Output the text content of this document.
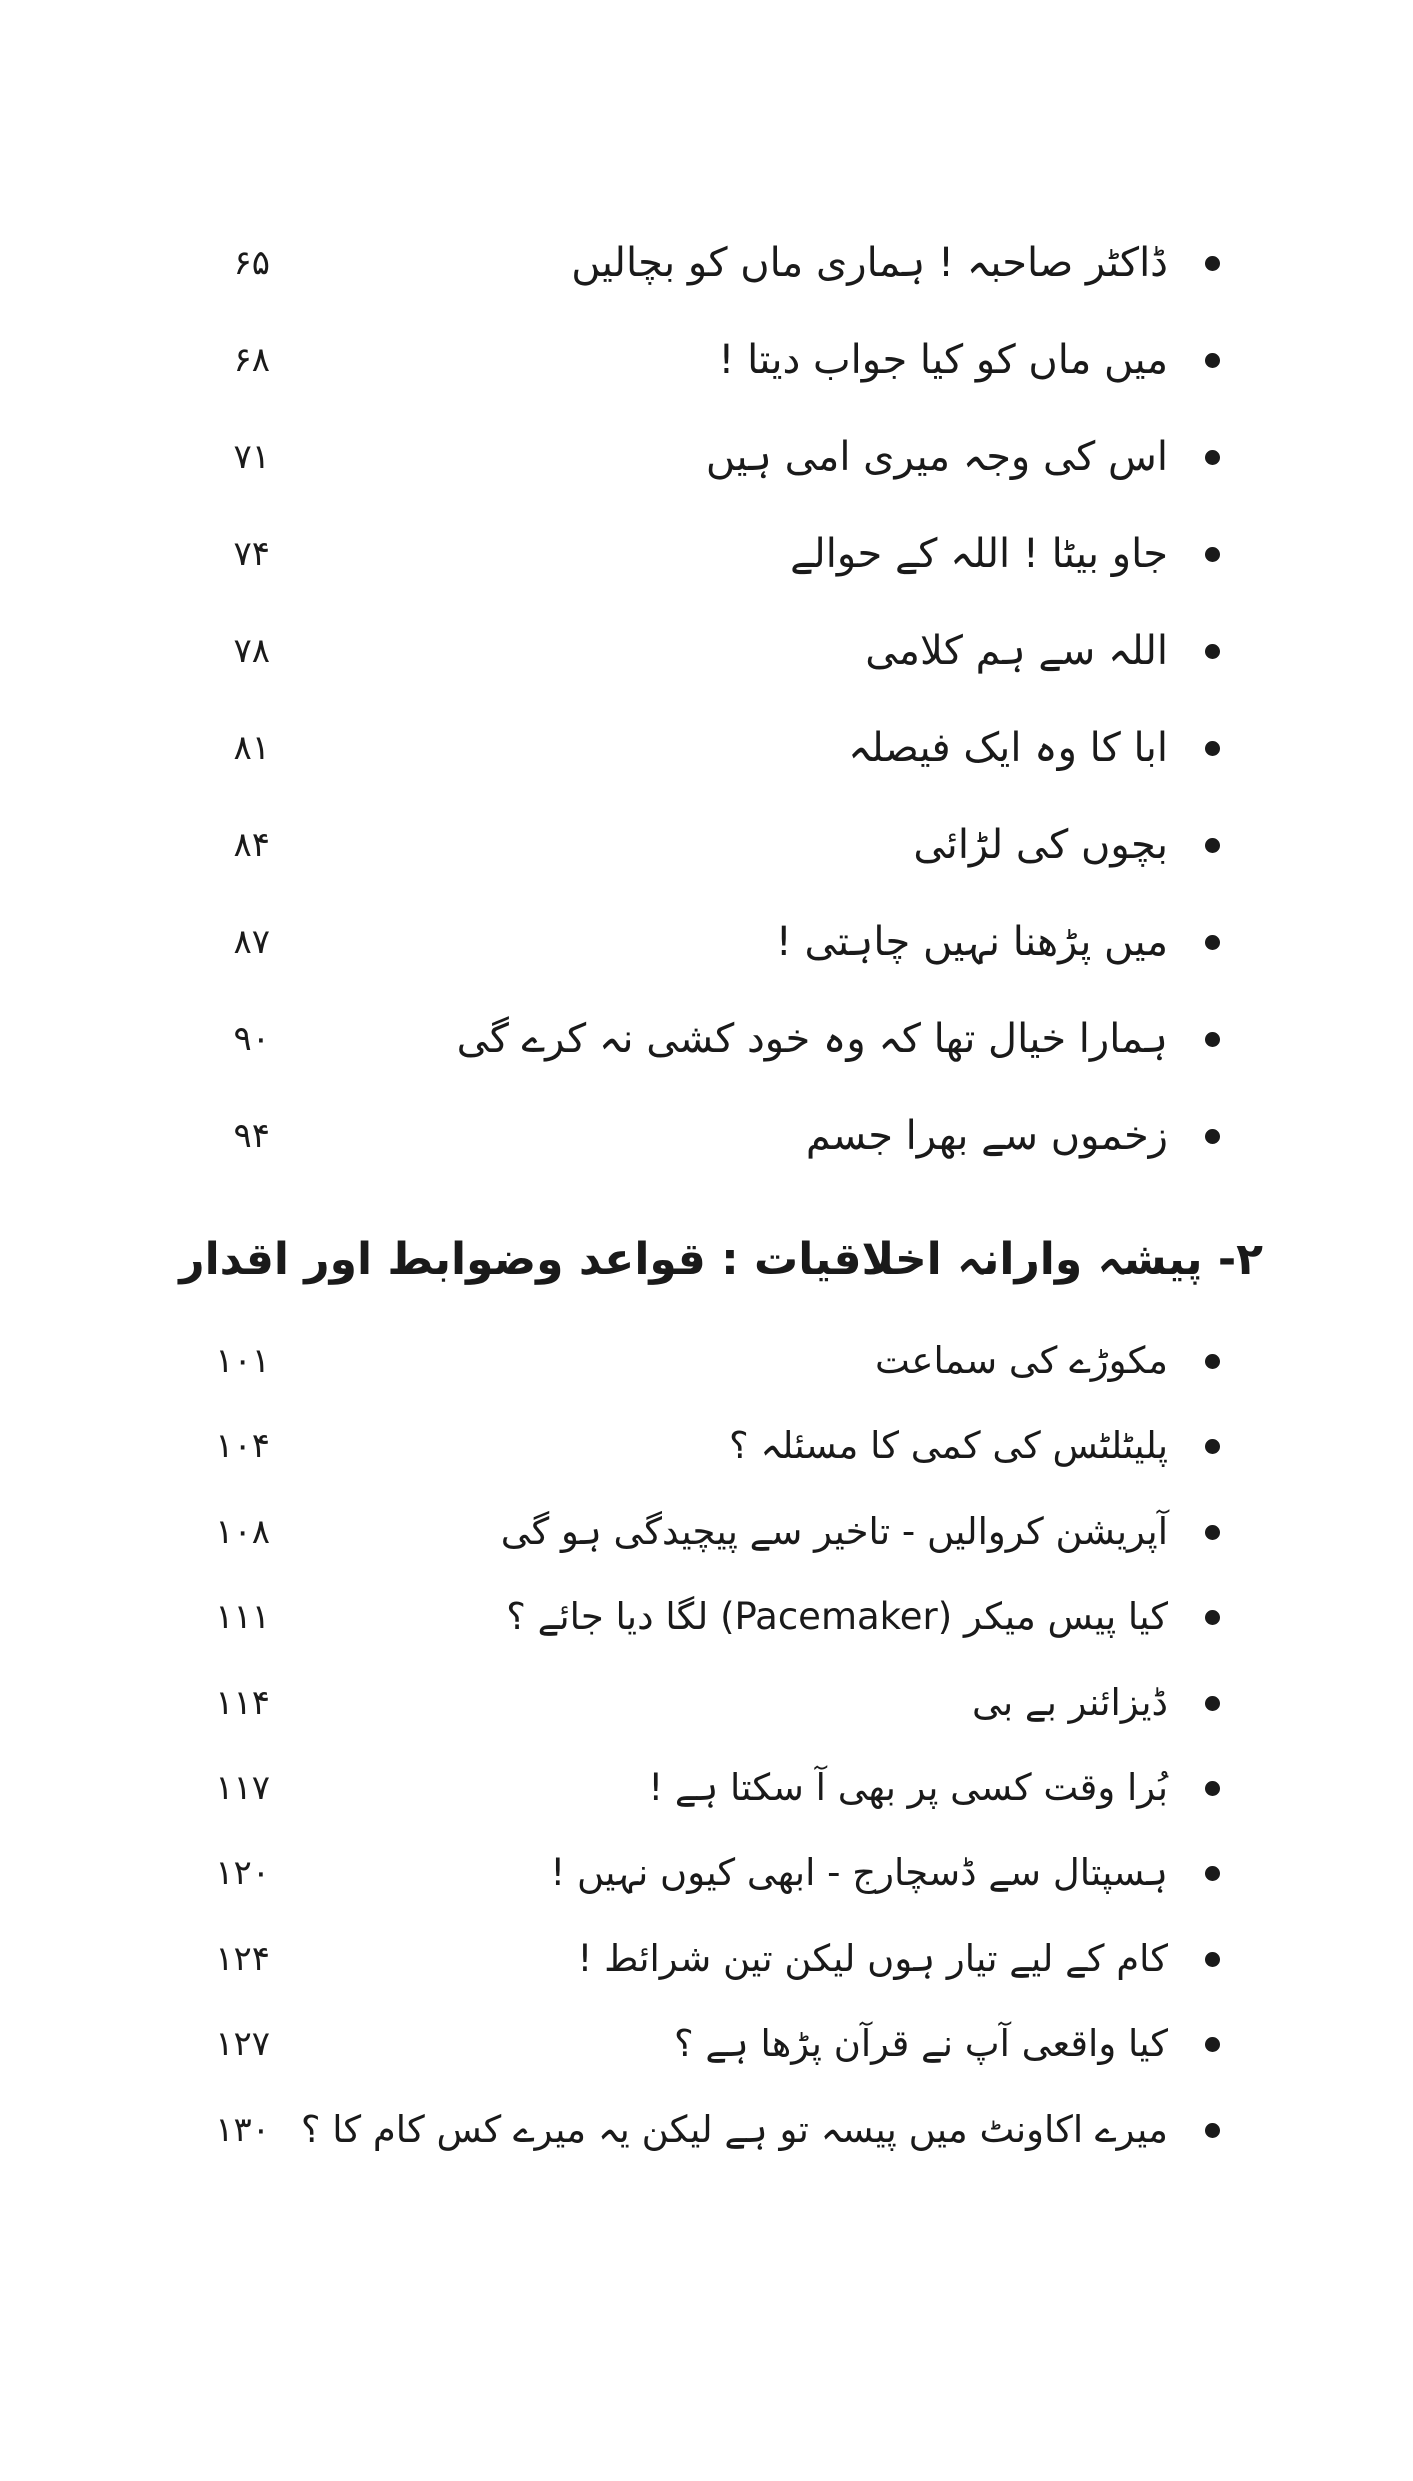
ڈاکٹر صاحبہ ! ہماری ماں کو بچالیں
۶۵
میں ماں کو کیا جواب دیتا !
۶۸
اس کی وجہ میری امی ہیں
۷۱
جاو بیٹا ! اللہ کے حوالے
۷۴
اللہ سے ہم کلامی
۷۸
ابا کا وہ ایک فیصلہ
۸۱
بچوں کی لڑائی
۸۴
میں پڑھنا نہیں چاہتی !
۸۷
ہمارا خیال تھا کہ وہ خود کشی نہ کرے گی
۹۰
زخموں سے بھرا جسم
۹۴
۲- پیشہ وارانہ اخلاقیات : قواعد وضوابط اور اقدار
مکوڑے کی سماعت
۱۰۱
پلیٹلٹس کی کمی کا مسئلہ ؟
۱۰۴
آپریشن کروالیں - تاخیر سے پیچیدگی ہو گی
۱۰۸
کیا پیس میکر (Pacemaker) لگا دیا جائے ؟
۱۱۱
ڈیزائنر بے بی
۱۱۴
بُرا وقت کسی پر بھی آ سکتا ہے !
۱۱۷
ہسپتال سے ڈسچارج - ابھی کیوں نہیں !
۱۲۰
کام کے لیے تیار ہوں لیکن تین شرائط !
۱۲۴
کیا واقعی آپ نے قرآن پڑھا ہے ؟
۱۲۷
میرے اکاونٹ میں پیسہ تو ہے لیکن یہ میرے کس کام کا ؟
۱۳۰
